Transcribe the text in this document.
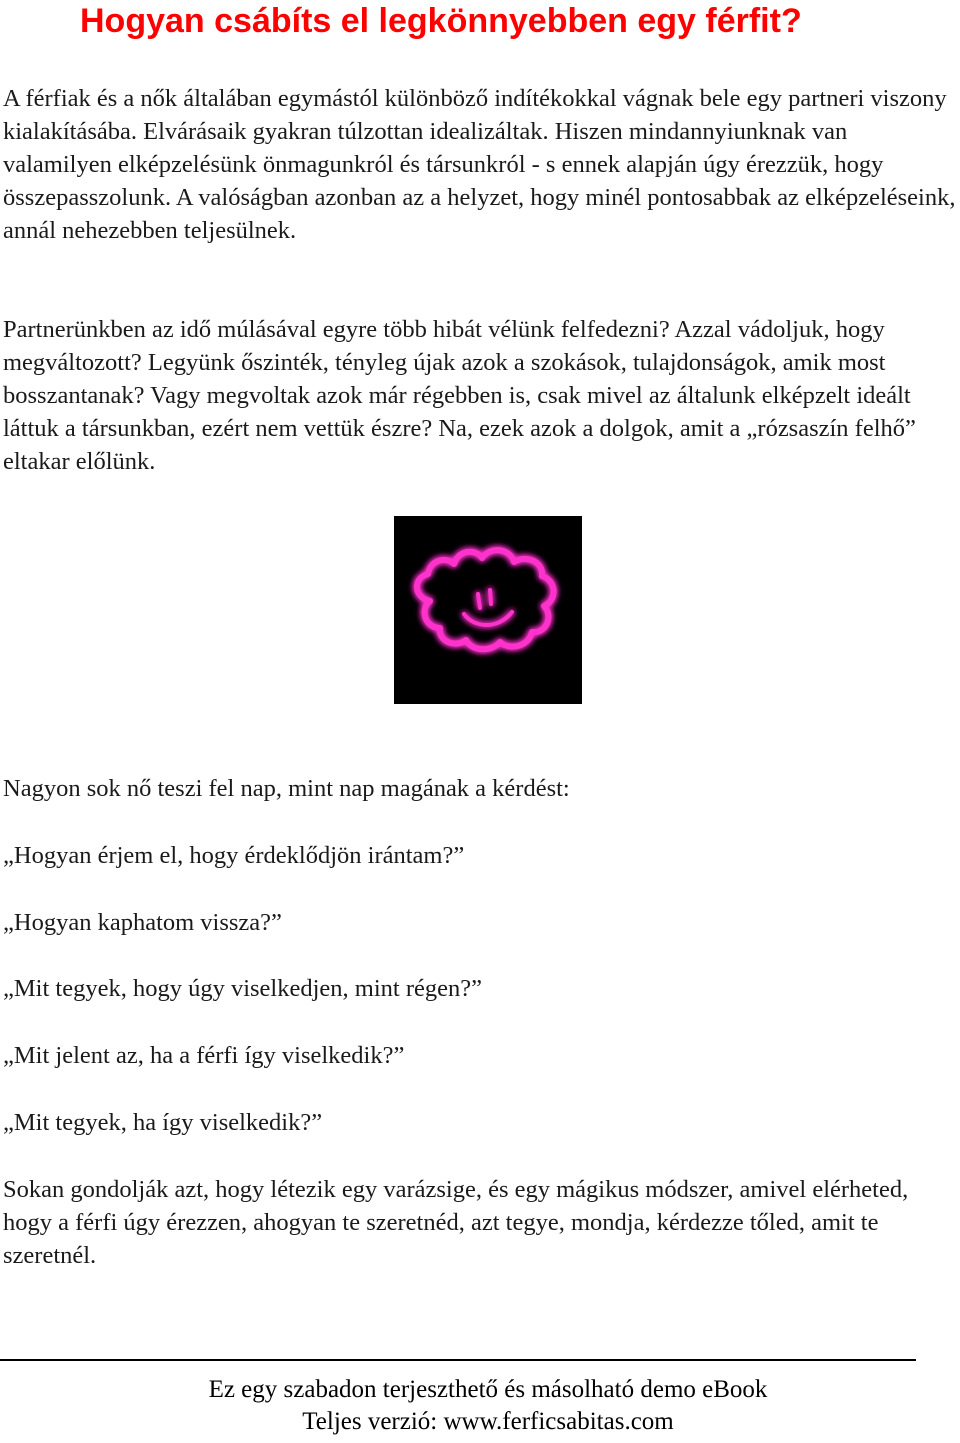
Hogyan csábíts el legkönnyebben egy férfit?

A férfiak és a nők általában egymástól különböző indítékokkal vágnak bele egy partneri viszony kialakításába. Elvárásaik gyakran túlzottan idealizáltak. Hiszen mindannyiunknak van valamilyen elképzelésünk önmagunkról és társunkról - s ennek alapján úgy érezzük, hogy összepasszolunk. A valóságban azonban az a helyzet, hogy minél pontosabbak az elképzeléseink, annál nehezebben teljesülnek.

Partnerünkben az idő múlásával egyre több hibát vélünk felfedezni? Azzal vádoljuk, hogy megváltozott? Legyünk őszinték, tényleg újak azok a szokások, tulajdonságok, amik most bosszantanak? Vagy megvoltak azok már régebben is, csak mivel az általunk elképzelt ideált láttuk a társunkban, ezért nem vettük észre? Na, ezek azok a dolgok, amit a „rózsaszín felhő” eltakar előlünk.

Nagyon sok nő teszi fel nap, mint nap magának a kérdést:

„Hogyan érjem el, hogy érdeklődjön irántam?”

„Hogyan kaphatom vissza?”

„Mit tegyek, hogy úgy viselkedjen, mint régen?”

„Mit jelent az, ha a férfi így viselkedik?”

„Mit tegyek, ha így viselkedik?”

Sokan gondolják azt, hogy létezik egy varázsige, és egy mágikus módszer, amivel elérheted, hogy a férfi úgy érezzen, ahogyan te szeretnéd, azt tegye, mondja, kérdezze tőled, amit te szeretnél.

Ez egy szabadon terjeszthető és másolható demo eBook

Teljes verzió: www.ferficsabitas.com
